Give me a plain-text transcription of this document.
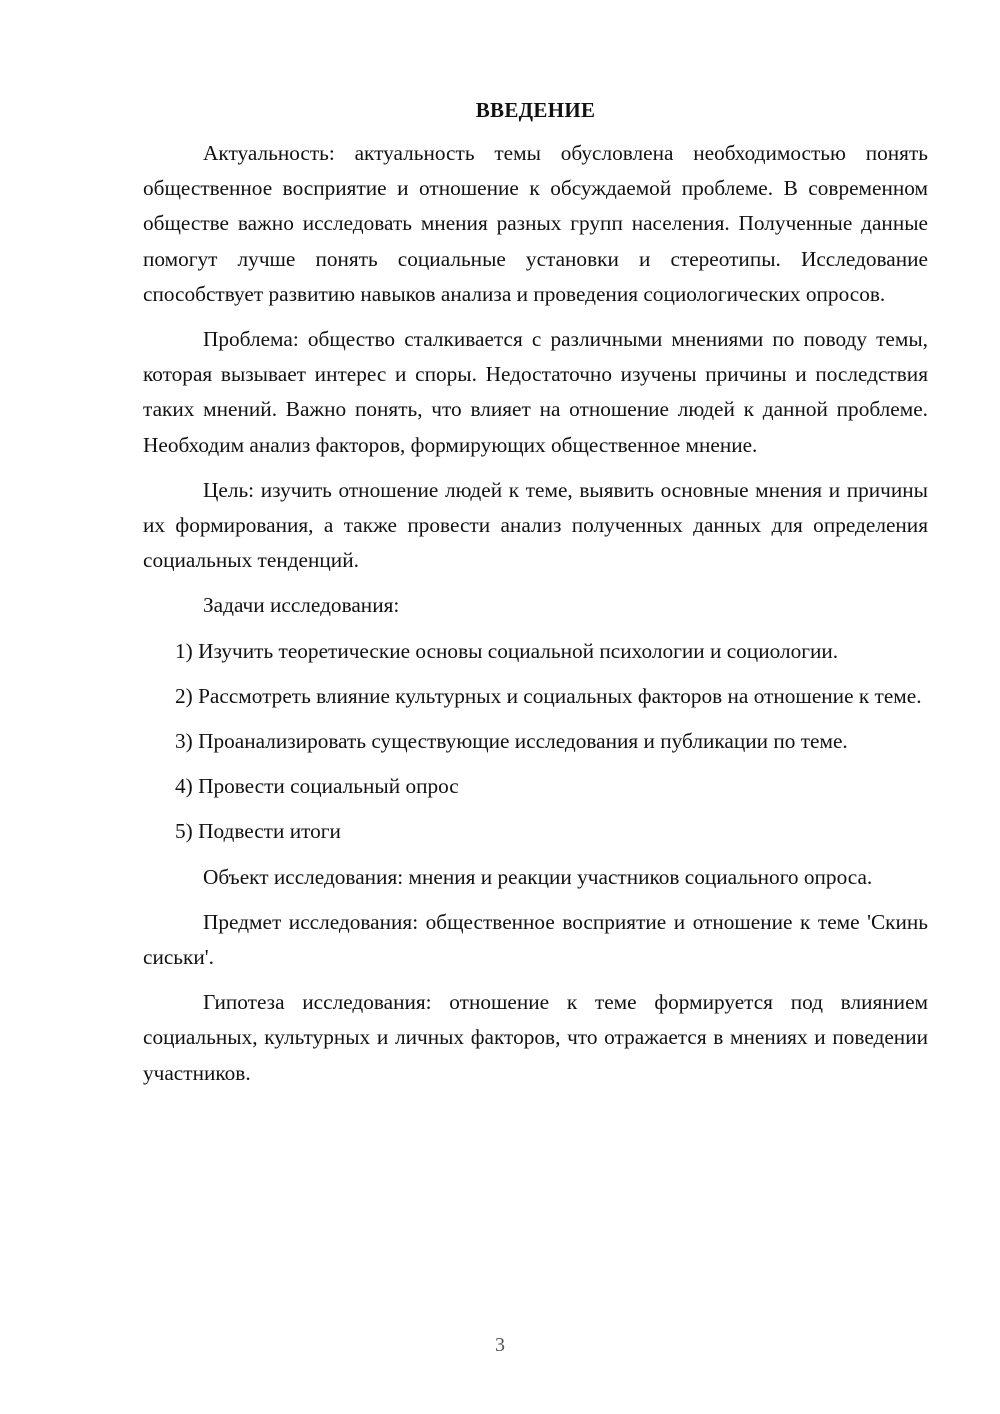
ВВЕДЕНИЕ

Актуальность: актуальность темы обусловлена необходимостью понять общественное восприятие и отношение к обсуждаемой проблеме. В современном обществе важно исследовать мнения разных групп населения. Полученные данные помогут лучше понять социальные установки и стереотипы. Исследование способствует развитию навыков анализа и проведения социологических опросов.

Проблема: общество сталкивается с различными мнениями по поводу темы, которая вызывает интерес и споры. Недостаточно изучены причины и последствия таких мнений. Важно понять, что влияет на отношение людей к данной проблеме. Необходим анализ факторов, формирующих общественное мнение.

Цель: изучить отношение людей к теме, выявить основные мнения и причины их формирования, а также провести анализ полученных данных для определения социальных тенденций.

Задачи исследования:

1) Изучить теоретические основы социальной психологии и социологии.

2) Рассмотреть влияние культурных и социальных факторов на отношение к теме.

3) Проанализировать существующие исследования и публикации по теме.

4) Провести социальный опрос

5) Подвести итоги

Объект исследования: мнения и реакции участников социального опроса.

Предмет исследования: общественное восприятие и отношение к теме 'Скинь сиськи'.

Гипотеза исследования: отношение к теме формируется под влиянием социальных, культурных и личных факторов, что отражается в мнениях и поведении участников.

3
